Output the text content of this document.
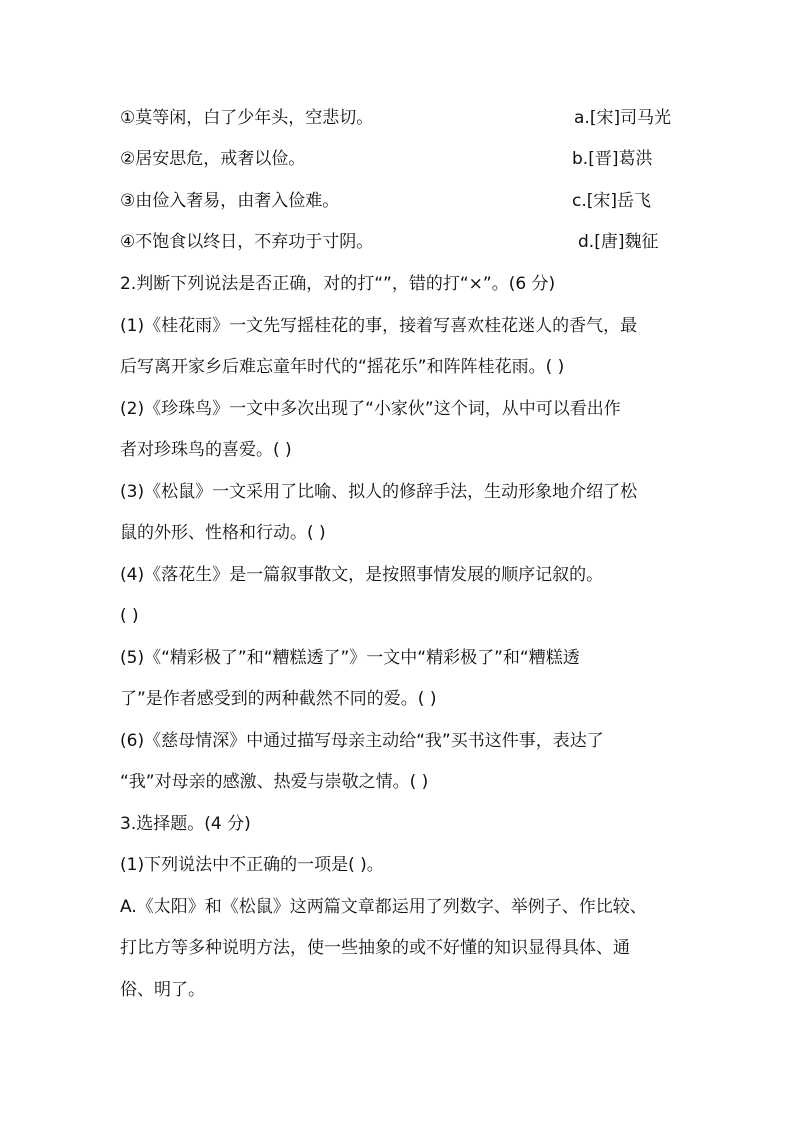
①莫等闲，白了少年头，空悲切。	a.[宋]司马光
②居安思危，戒奢以俭。	b.[晋]葛洪
③由俭入奢易，由奢入俭难。	c.[宋]岳飞
④不饱食以终日，不弃功于寸阴。	d.[唐]魏征
2.判断下列说法是否正确，对的打“”，错的打“×”。(6 分)
(1)《桂花雨》一文先写摇桂花的事，接着写喜欢桂花迷人的香气，最
后写离开家乡后难忘童年时代的“摇花乐”和阵阵桂花雨。( )
(2)《珍珠鸟》一文中多次出现了“小家伙”这个词，从中可以看出作
者对珍珠鸟的喜爱。( )
(3)《松鼠》一文采用了比喻、拟人的修辞手法，生动形象地介绍了松
鼠的外形、性格和行动。( )
(4)《落花生》是一篇叙事散文，是按照事情发展的顺序记叙的。
( )
(5)《“精彩极了”和“糟糕透了”》一文中“精彩极了”和“糟糕透
了”是作者感受到的两种截然不同的爱。( )
(6)《慈母情深》中通过描写母亲主动给“我”买书这件事，表达了
“我”对母亲的感激、热爱与崇敬之情。( )
3.选择题。(4 分)
(1)下列说法中不正确的一项是( )。
A.《太阳》和《松鼠》这两篇文章都运用了列数字、举例子、作比较、
打比方等多种说明方法，使一些抽象的或不好懂的知识显得具体、通
俗、明了。
